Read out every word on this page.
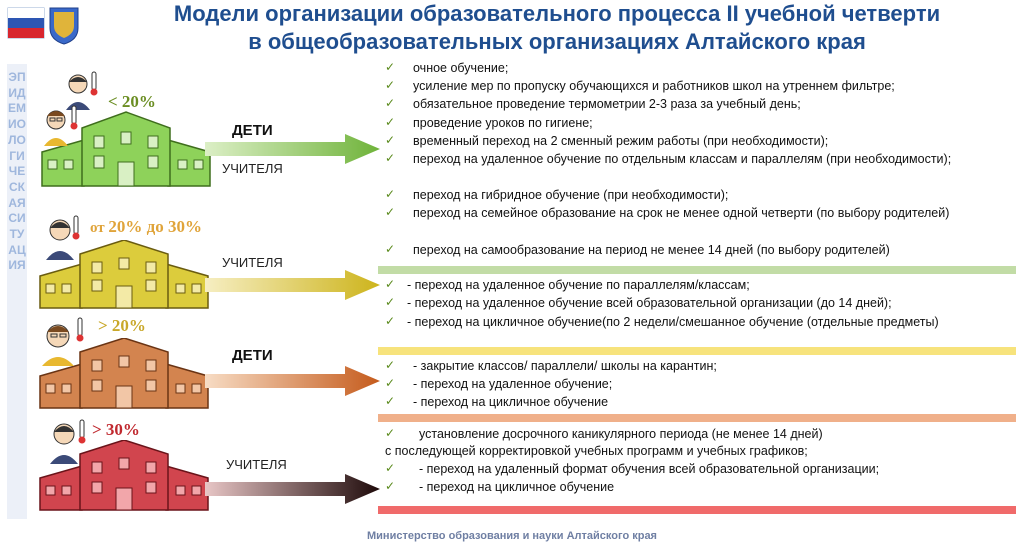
Модели организации образовательного процесса II учебной четверти
в общеобразовательных организациях Алтайского края
ЭПИДЕМИОЛОГИЧЕСКАЯ СИТУАЦИЯ
< 20%
от 20% до 30%
> 20%
> 30%
ДЕТИ
УЧИТЕЛЯ
УЧИТЕЛЯ
ДЕТИ
УЧИТЕЛЯ
✓ очное обучение;
✓ усиление мер по пропуску обучающихся и работников школ на утреннем фильтре;
✓ обязательное проведение термометрии 2-3 раза за учебный день;
✓ проведение уроков по гигиене;
✓ временный переход на 2 сменный режим работы (при необходимости);
✓ переход на удаленное обучение по отдельным классам и параллелям (при необходимости);
✓ переход на гибридное обучение (при необходимости);
✓ переход на семейное образование на срок не менее одной четверти (по выбору родителей)
✓ переход на самообразование на период не менее 14 дней (по выбору родителей)
✓ - переход на удаленное обучение по параллелям/классам;
✓ - переход на удаленное обучение всей образовательной организации (до 14 дней);
✓ - переход на цикличное обучение(по 2 недели/смешанное обучение (отдельные предметы)
✓ - закрытие классов/ параллели/ школы на карантин;
✓ - переход на удаленное обучение;
✓ - переход на цикличное обучение
✓ установление досрочного каникулярного периода (не менее 14 дней)
с последующей корректировкой учебных программ и учебных графиков;
✓ - переход на удаленный формат обучения всей образовательной организации;
✓ - переход на цикличное обучение
Министерство образования и науки Алтайского края
